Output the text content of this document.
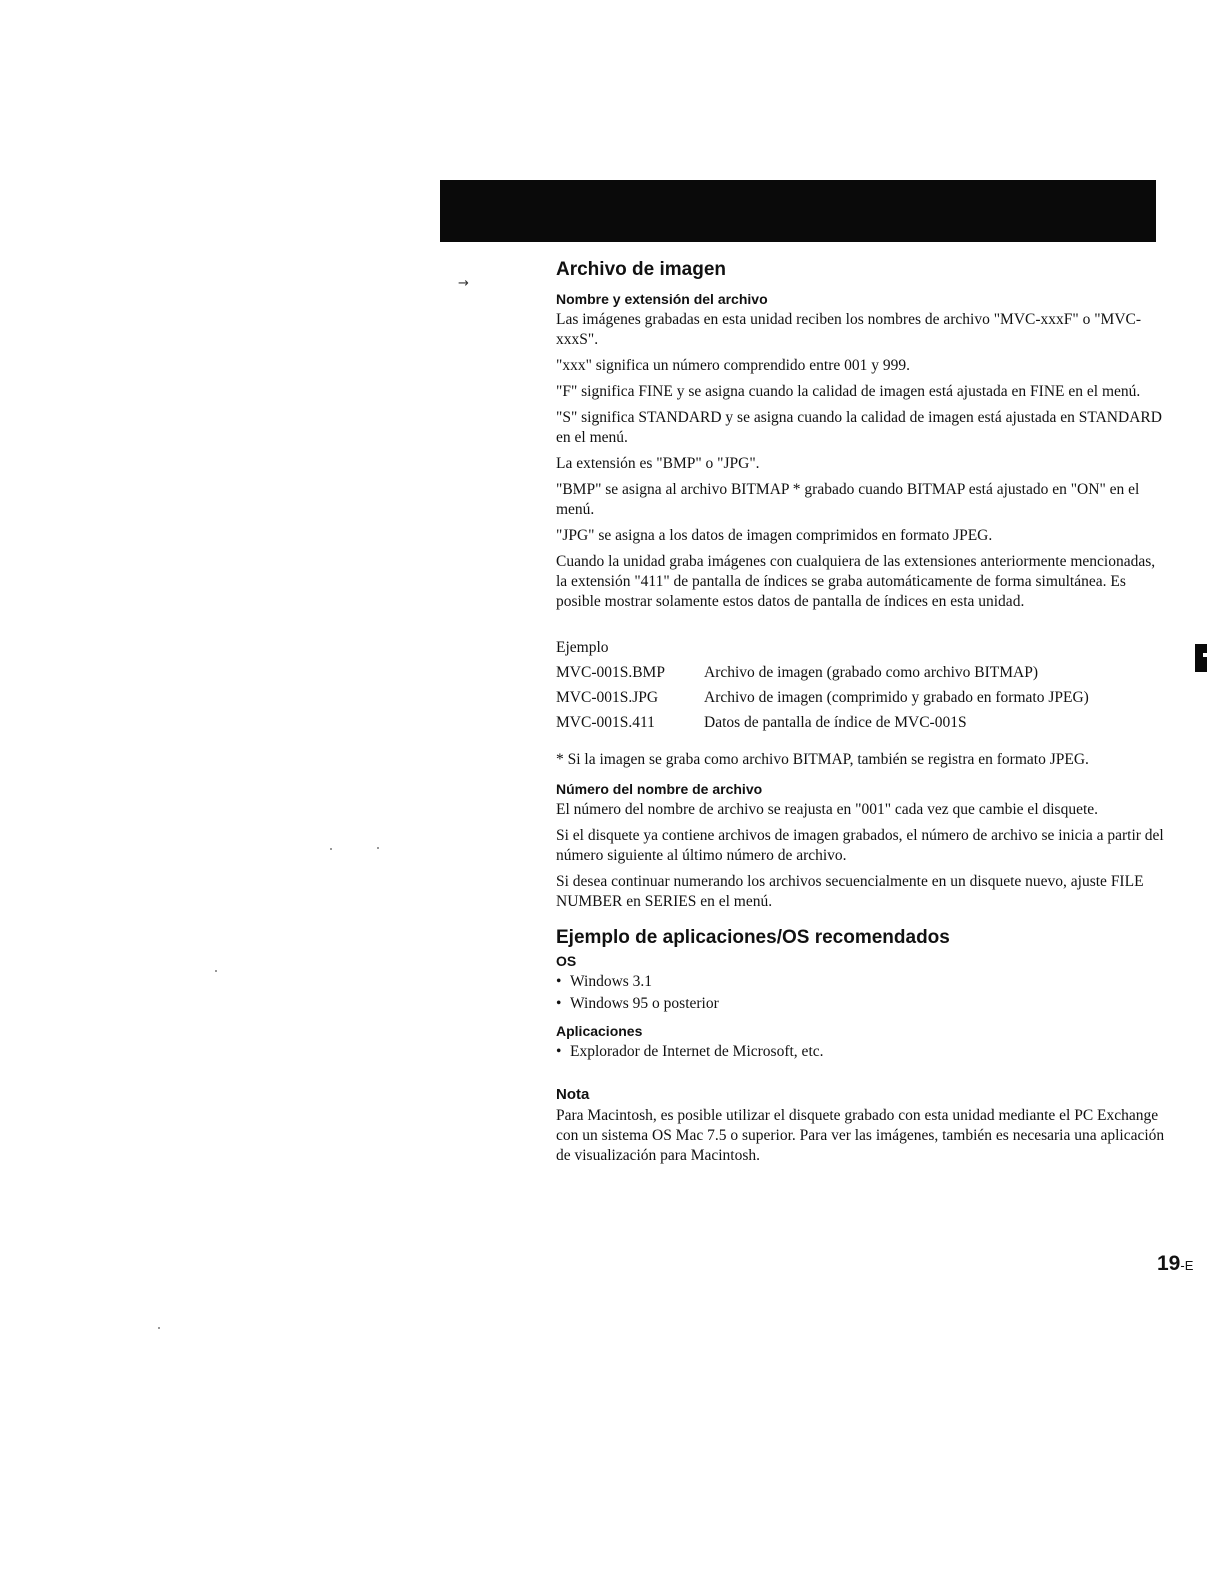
→
Archivo de imagen
Nombre y extensión del archivo

Las imágenes grabadas en esta unidad reciben los nombres de archivo "MVC-xxxF" o "MVC-xxxS".

"xxx" significa un número comprendido entre 001 y 999.

"F" significa FINE y se asigna cuando la calidad de imagen está ajustada en FINE en el menú.

"S" significa STANDARD y se asigna cuando la calidad de imagen está ajustada en STANDARD en el menú.

La extensión es "BMP" o "JPG".

"BMP" se asigna al archivo BITMAP * grabado cuando BITMAP está ajustado en "ON" en el menú.

"JPG" se asigna a los datos de imagen comprimidos en formato JPEG.

Cuando la unidad graba imágenes con cualquiera de las extensiones anteriormente mencionadas, la extensión "411" de pantalla de índices se graba automáticamente de forma simultánea. Es posible mostrar solamente estos datos de pantalla de índices en esta unidad.

Ejemplo	
MVC-001S.BMP	Archivo de imagen (grabado como archivo BITMAP)
MVC-001S.JPG	Archivo de imagen (comprimido y grabado en formato JPEG)
MVC-001S.411	Datos de pantalla de índice de MVC-001S

* Si la imagen se graba como archivo BITMAP, también se registra en formato JPEG.

Número del nombre de archivo

El número del nombre de archivo se reajusta en "001" cada vez que cambie el disquete.

Si el disquete ya contiene archivos de imagen grabados, el número de archivo se inicia a partir del número siguiente al último número de archivo.

Si desea continuar numerando los archivos secuencialmente en un disquete nuevo, ajuste FILE NUMBER en SERIES en el menú.

Ejemplo de aplicaciones/OS recomendados
OS
• Windows 3.1
• Windows 95 o posterior
Aplicaciones
• Explorador de Internet de Microsoft, etc.
Nota

Para Macintosh, es posible utilizar el disquete grabado con esta unidad mediante el PC Exchange con un sistema OS Mac 7.5 o superior. Para ver las imágenes, también es necesaria una aplicación de visualización para Macintosh.

19-E
